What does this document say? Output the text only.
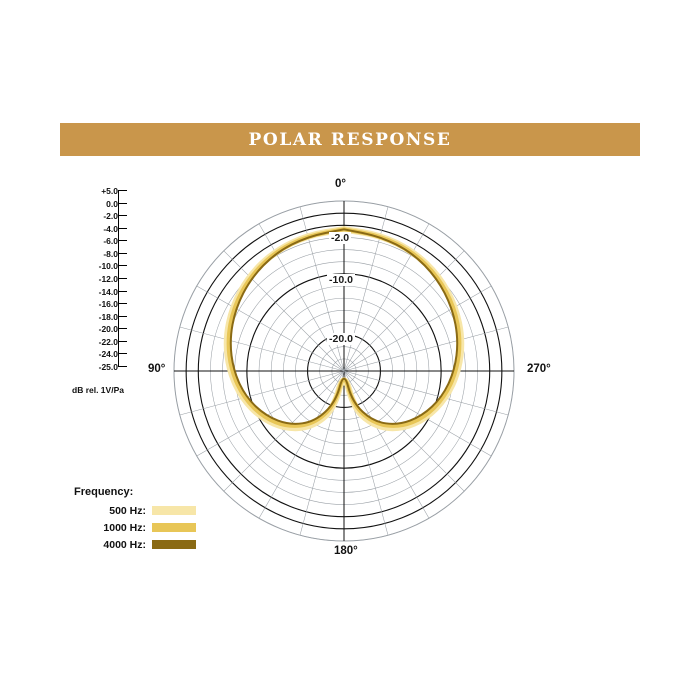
POLAR RESPONSE
+5.0
0.0
-2.0
-4.0
-6.0
-8.0
-10.0
-12.0
-14.0
-16.0
-18.0
-20.0
-22.0
-24.0
-25.0
dB rel. 1V/Pa
0°
270°
180°
90°
-2.0
-10.0
-20.0
Frequency:
500 Hz:
1000 Hz:
4000 Hz:
